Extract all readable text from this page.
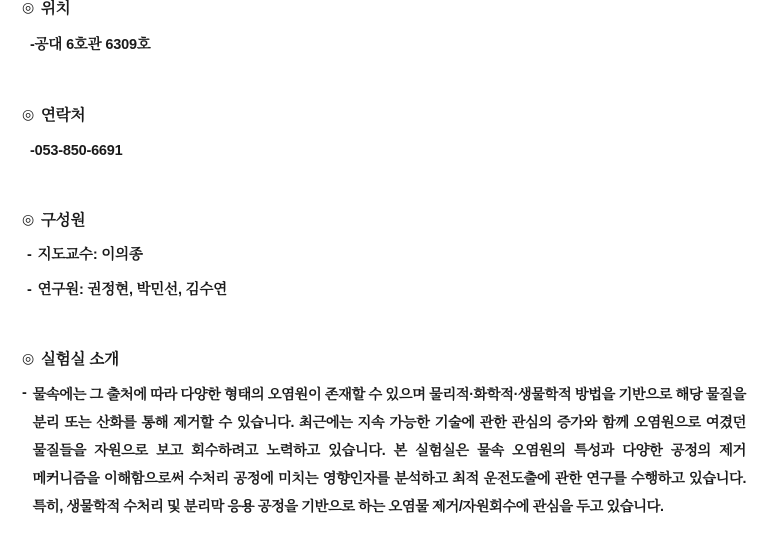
◎ 위치
-공대 6호관 6309호
◎ 연락처
-053-850-6691
◎ 구성원
- 지도교수: 이의종
- 연구원: 권정현, 박민선, 김수연
◎ 실험실 소개
- 물속에는 그 출처에 따라 다양한 형태의 오염원이 존재할 수 있으며 물리적·화학적·생물학적 방법을 기반으로 해당 물질을 분리 또는 산화를 통해 제거할 수 있습니다. 최근에는 지속 가능한 기술에 관한 관심의 증가와 함께 오염원으로 여겼던 물질들을 자원으로 보고 회수하려고 노력하고 있습니다. 본 실험실은 물속 오염원의 특성과 다양한 공정의 제거 메커니즘을 이해함으로써 수처리 공정에 미치는 영향인자를 분석하고 최적 운전도출에 관한 연구를 수행하고 있습니다. 특히, 생물학적 수처리 및 분리막 응용 공정을 기반으로 하는 오염물 제거/자원회수에 관심을 두고 있습니다.
